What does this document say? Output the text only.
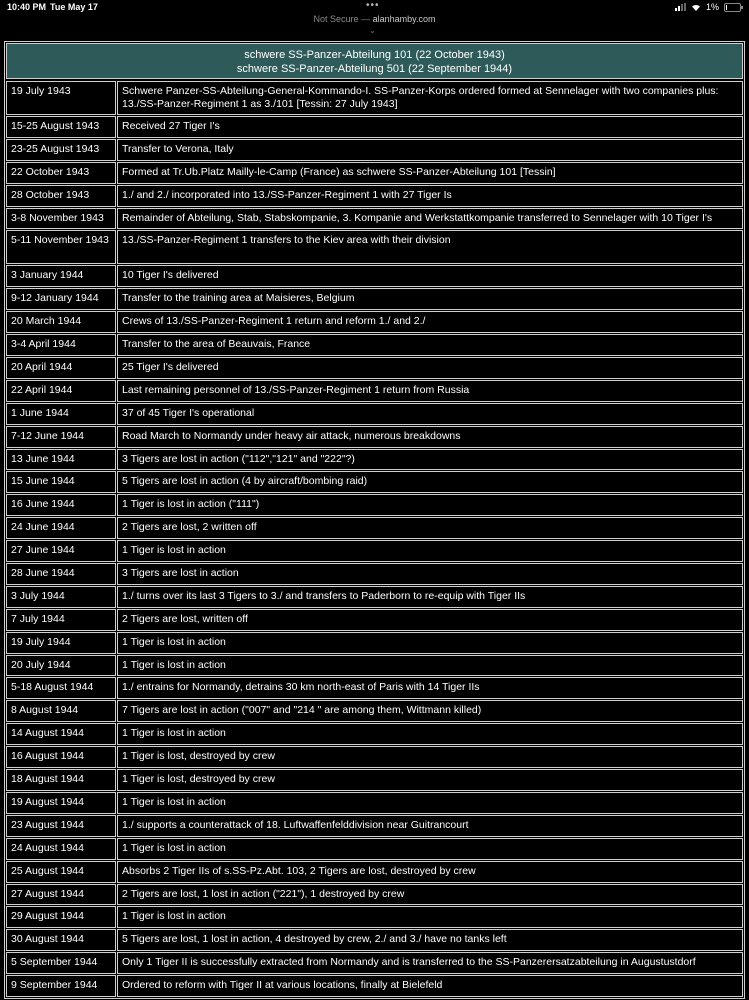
10:40 PM Tue May 17	•••	1%
Not Secure — alanhamby.com
⌄
schwere SS-Panzer-Abteilung 101 (22 October 1943)
schwere SS-Panzer-Abteilung 501 (22 September 1944)
19 July 1943	Schwere Panzer-SS-Abteilung-General-Kommando-I. SS-Panzer-Korps ordered formed at Sennelager with two companies plus: 13./SS-Panzer-Regiment 1 as 3./101 [Tessin: 27 July 1943]
15-25 August 1943	Received 27 Tiger I's
23-25 August 1943	Transfer to Verona, Italy
22 October 1943	Formed at Tr.Ub.Platz Mailly-le-Camp (France) as schwere SS-Panzer-Abteilung 101 [Tessin]
28 October 1943	1./ and 2./ incorporated into 13./SS-Panzer-Regiment 1 with 27 Tiger Is
3-8 November 1943	Remainder of Abteilung, Stab, Stabskompanie, 3. Kompanie and Werkstattkompanie transferred to Sennelager with 10 Tiger I's
5-11 November 1943	13./SS-Panzer-Regiment 1 transfers to the Kiev area with their division
3 January 1944	10 Tiger I's delivered
9-12 January 1944	Transfer to the training area at Maisieres, Belgium
20 March 1944	Crews of 13./SS-Panzer-Regiment 1 return and reform 1./ and 2./
3-4 April 1944	Transfer to the area of Beauvais, France
20 April 1944	25 Tiger I's delivered
22 April 1944	Last remaining personnel of 13./SS-Panzer-Regiment 1 return from Russia
1 June 1944	37 of 45 Tiger I's operational
7-12 June 1944	Road March to Normandy under heavy air attack, numerous breakdowns
13 June 1944	3 Tigers are lost in action ("112","121" and "222"?)
15 June 1944	5 Tigers are lost in action (4 by aircraft/bombing raid)
16 June 1944	1 Tiger is lost in action ("111")
24 June 1944	2 Tigers are lost, 2 written off
27 June 1944	1 Tiger is lost in action
28 June 1944	3 Tigers are lost in action
3 July 1944	1./ turns over its last 3 Tigers to 3./ and transfers to Paderborn to re-equip with Tiger IIs
7 July 1944	2 Tigers are lost, written off
19 July 1944	1 Tiger is lost in action
20 July 1944	1 Tiger is lost in action
5-18 August 1944	1./ entrains for Normandy, detrains 30 km north-east of Paris with 14 Tiger IIs
8 August 1944	7 Tigers are lost in action ("007" and "214 " are among them, Wittmann killed)
14 August 1944	1 Tiger is lost in action
16 August 1944	1 Tiger is lost, destroyed by crew
18 August 1944	1 Tiger is lost, destroyed by crew
19 August 1944	1 Tiger is lost in action
23 August 1944	1./ supports a counterattack of 18. Luftwaffenfelddivision near Guitrancourt
24 August 1944	1 Tiger is lost in action
25 August 1944	Absorbs 2 Tiger IIs of s.SS-Pz.Abt. 103, 2 Tigers are lost, destroyed by crew
27 August 1944	2 Tigers are lost, 1 lost in action ("221"), 1 destroyed by crew
29 August 1944	1 Tiger is lost in action
30 August 1944	5 Tigers are lost, 1 lost in action, 4 destroyed by crew, 2./ and 3./ have no tanks left
5 September 1944	Only 1 Tiger II is successfully extracted from Normandy and is transferred to the SS-Panzerersatzabteilung in Augustustdorf
9 September 1944	Ordered to reform with Tiger II at various locations, finally at Bielefeld
